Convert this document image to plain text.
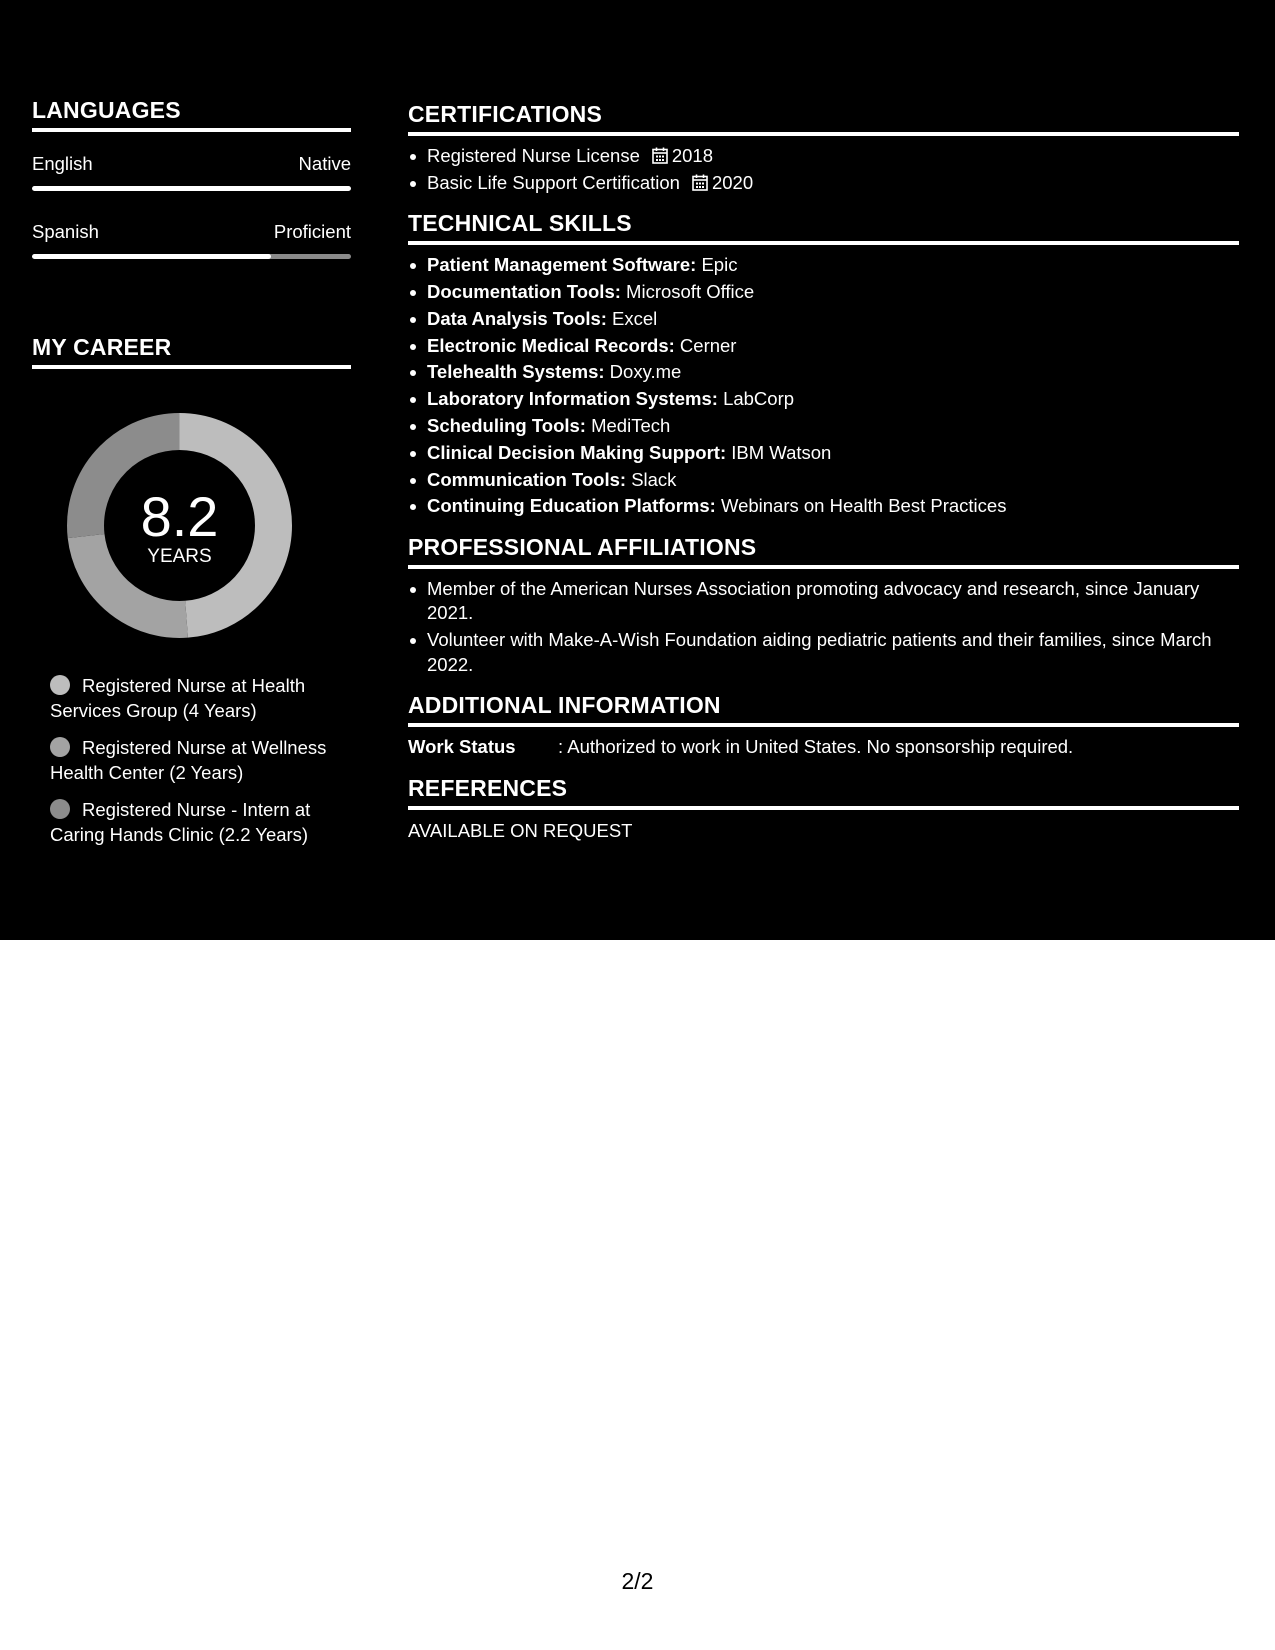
LANGUAGES
English	Native
Spanish	Proficient
MY CAREER
8.2
YEARS
Registered Nurse at Health Services Group (4 Years)
Registered Nurse at Wellness Health Center (2 Years)
Registered Nurse - Intern at Caring Hands Clinic (2.2 Years)
CERTIFICATIONS
Registered Nurse License 2018
Basic Life Support Certification 2020
TECHNICAL SKILLS
Patient Management Software: Epic
Documentation Tools: Microsoft Office
Data Analysis Tools: Excel
Electronic Medical Records: Cerner
Telehealth Systems: Doxy.me
Laboratory Information Systems: LabCorp
Scheduling Tools: MediTech
Clinical Decision Making Support: IBM Watson
Communication Tools: Slack
Continuing Education Platforms: Webinars on Health Best Practices
PROFESSIONAL AFFILIATIONS
Member of the American Nurses Association promoting advocacy and research, since January 2021.
Volunteer with Make-A-Wish Foundation aiding pediatric patients and their families, since March 2022.
ADDITIONAL INFORMATION
Work Status	: Authorized to work in United States. No sponsorship required.
REFERENCES
AVAILABLE ON REQUEST
2/2
